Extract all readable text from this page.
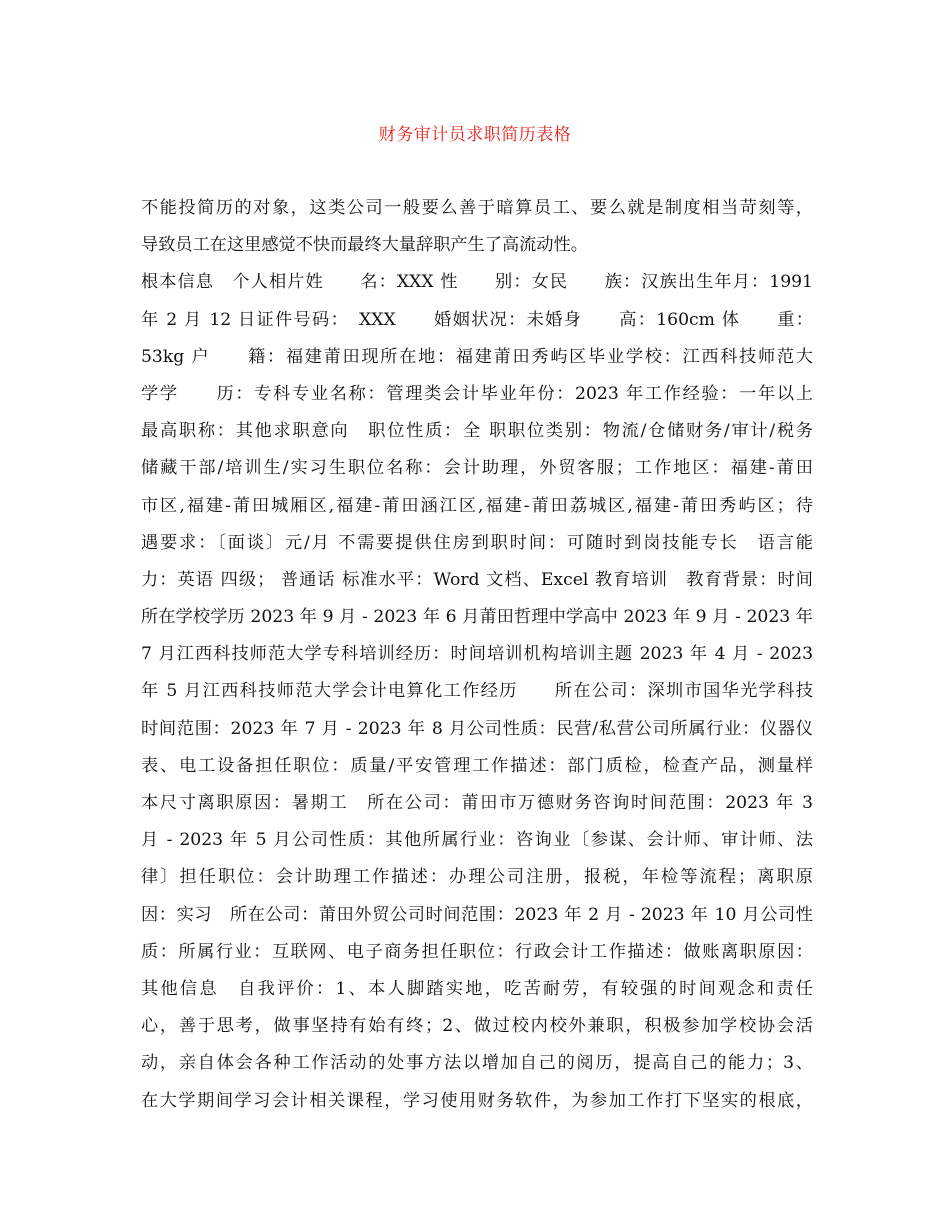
财务审计员求职简历表格
不能投简历的对象，这类公司一般要么善于暗算员工、要么就是制度相当苛刻等，
导致员工在这里感觉不快而最终大量辞职产生了高流动性。
根本信息　个人相片姓　　名：XXX 性　　别：女民　　族：汉族出生年月：1991
年 2 月 12 日证件号码：　XXX　　婚姻状况：未婚身　　高：160cm 体　　重：
53kg 户　　籍：福建莆田现所在地：福建莆田秀屿区毕业学校：江西科技师范大
学学　　历：专科专业名称：管理类会计毕业年份：2023 年工作经验：一年以上
最高职称：其他求职意向　职位性质：全 职职位类别：物流/仓储财务/审计/税务
储藏干部/培训生/实习生职位名称：会计助理，外贸客服；工作地区：福建-莆田
市区,福建-莆田城厢区,福建-莆田涵江区,福建-莆田荔城区,福建-莆田秀屿区；待
遇要求：〔面谈〕元/月 不需要提供住房到职时间：可随时到岗技能专长　语言能
力：英语 四级； 普通话 标准水平：Word 文档、Excel 教育培训　教育背景：时间
所在学校学历 2023 年 9 月 - 2023 年 6 月莆田哲理中学高中 2023 年 9 月 - 2023 年
7 月江西科技师范大学专科培训经历：时间培训机构培训主题 2023 年 4 月 - 2023
年 5 月江西科技师范大学会计电算化工作经历　　所在公司：深圳市国华光学科技
时间范围：2023 年 7 月 - 2023 年 8 月公司性质：民营/私营公司所属行业：仪器仪
表、电工设备担任职位：质量/平安管理工作描述：部门质检，检查产品，测量样
本尺寸离职原因：暑期工　所在公司：莆田市万德财务咨询时间范围：2023 年 3
月 - 2023 年 5 月公司性质：其他所属行业：咨询业〔参谋、会计师、审计师、法
律〕担任职位：会计助理工作描述：办理公司注册，报税，年检等流程；离职原
因：实习　所在公司：莆田外贸公司时间范围：2023 年 2 月 - 2023 年 10 月公司性
质：所属行业：互联网、电子商务担任职位：行政会计工作描述：做账离职原因：
其他信息　自我评价：1、本人脚踏实地，吃苦耐劳，有较强的时间观念和责任
心，善于思考，做事坚持有始有终；2、做过校内校外兼职，积极参加学校协会活
动，亲自体会各种工作活动的处事方法以增加自己的阅历，提高自己的能力；3、
在大学期间学习会计相关课程，学习使用财务软件，为参加工作打下坚实的根底，
